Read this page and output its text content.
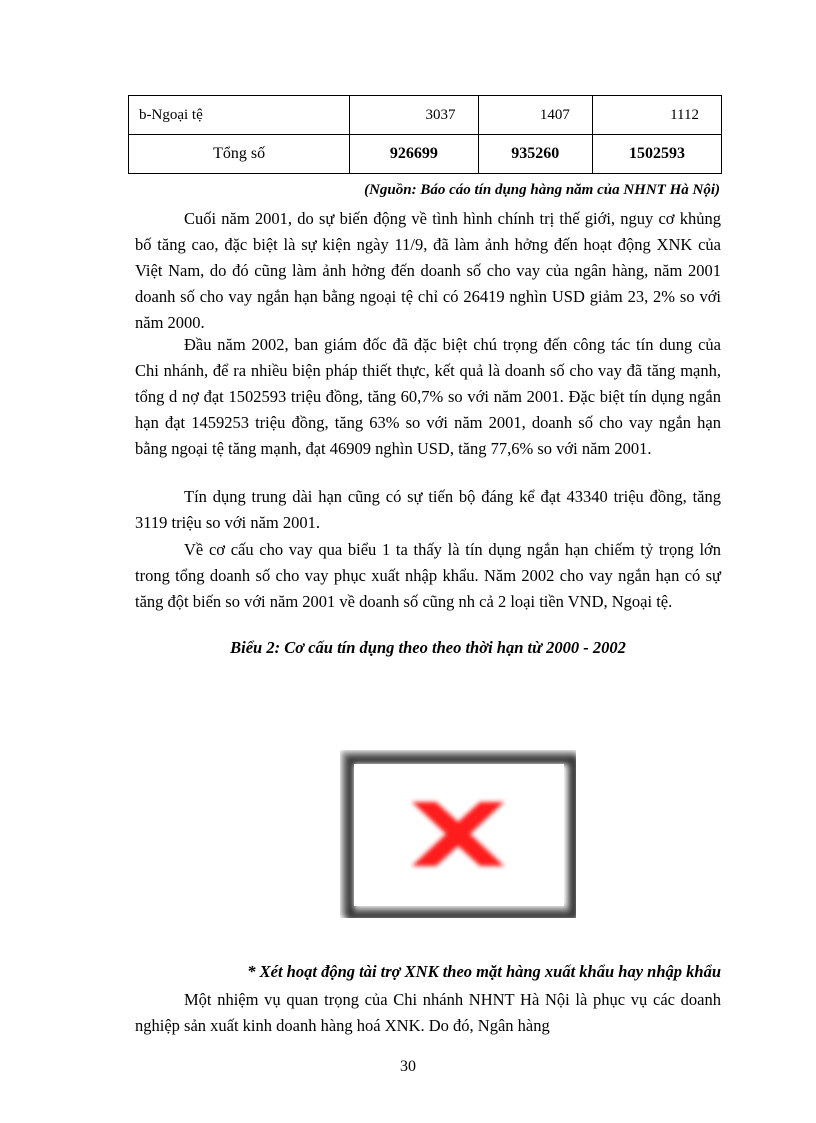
b-Ngoại tệ	3037	1407	1112
Tổng số	926699	935260	1502593
(Nguồn: Báo cáo tín dụng hàng năm của NHNT Hà Nội)
Cuối năm 2001, do sự biến động về tình hình chính trị thế giới, nguy cơ khủng bố tăng cao, đặc biệt là sự kiện ngày 11/9, đã làm ảnh hởng đến hoạt động XNK của Việt Nam, do đó cũng làm ảnh hởng đến doanh số cho vay của ngân hàng, năm 2001 doanh số cho vay ngắn hạn bằng ngoại tệ chỉ có 26419 nghìn USD giảm 23, 2% so với năm 2000.
Đầu năm 2002, ban giám đốc đã đặc biệt chú trọng đến công tác tín dung của Chi nhánh, để ra nhiều biện pháp thiết thực, kết quả là doanh số cho vay đã tăng mạnh, tổng d nợ đạt 1502593 triệu đồng, tăng 60,7% so với năm 2001. Đặc biệt tín dụng ngắn hạn đạt 1459253 triệu đồng, tăng 63% so với năm 2001, doanh số cho vay ngắn hạn bằng ngoại tệ tăng mạnh, đạt 46909 nghìn USD, tăng 77,6% so với năm 2001.
Tín dụng trung dài hạn cũng có sự tiến bộ đáng kể đạt 43340 triệu đồng, tăng 3119 triệu so với năm 2001.
Về cơ cấu cho vay qua biểu 1 ta thấy là tín dụng ngắn hạn chiếm tỷ trọng lớn trong tổng doanh số cho vay phục xuất nhập khẩu. Năm 2002 cho vay ngắn hạn có sự tăng đột biến so với năm 2001 về doanh số cũng nh cả 2 loại tiền VND, Ngoại tệ.
Biểu 2: Cơ cấu tín dụng theo theo thời hạn từ 2000 - 2002
* Xét hoạt động tài trợ XNK theo mặt hàng xuất khẩu hay nhập khẩu
Một nhiệm vụ quan trọng của Chi nhánh NHNT Hà Nội là phục vụ các doanh nghiệp sản xuất kinh doanh hàng hoá XNK. Do đó, Ngân hàng
30
